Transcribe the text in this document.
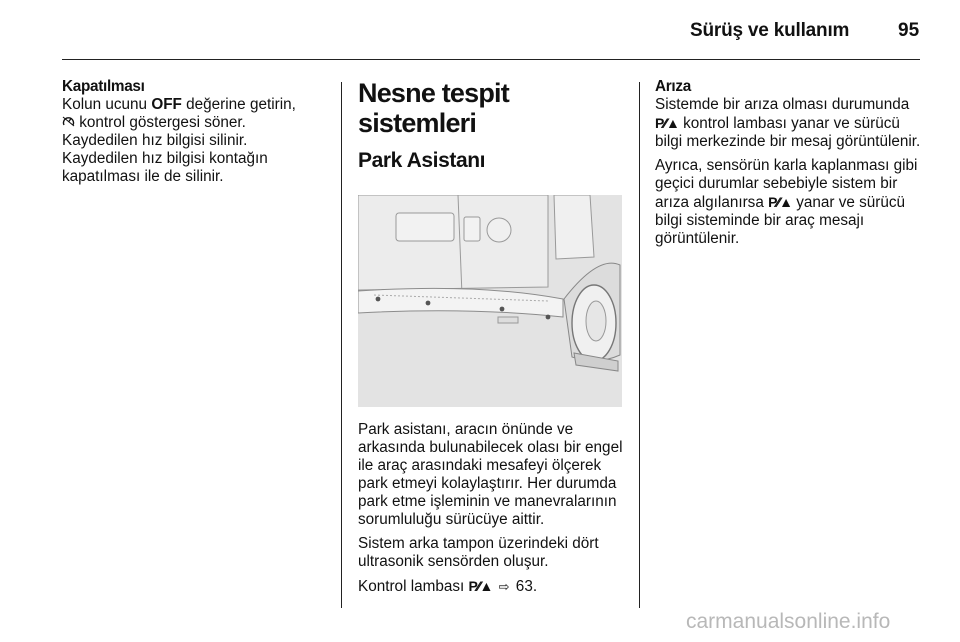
Sürüş ve kullanım	95
Kapatılması

Kolun ucunu OFF değerine getirin,
kontrol göstergesi söner.

Kaydedilen hız bilgisi silinir.

Kaydedilen hız bilgisi kontağın kapatılması ile de silinir.

Nesne tespit sistemleri
Park Asistanı

Park asistanı, aracın önünde ve arkasında bulunabilecek olası bir engel ile araç arasındaki mesafeyi ölçerek park etmeyi kolaylaştırır. Her durumda park etme işleminin ve manevralarının sorumluluğu sürücüye aittir.

Sistem arka tampon üzerindeki dört ultrasonik sensörden oluşur.

Kontrol lambası P⁄⁄▲ ⇨ 63.

Arıza

Sistemde bir arıza olması durumunda
P⁄⁄▲ kontrol lambası yanar ve sürücü bilgi merkezinde bir mesaj görüntülenir.

Ayrıca, sensörün karla kaplanması gibi geçici durumlar sebebiyle sistem bir arıza algılanırsa P⁄⁄▲ yanar ve sürücü bilgi sisteminde bir araç mesajı görüntülenir.

carmanualsonline.info
